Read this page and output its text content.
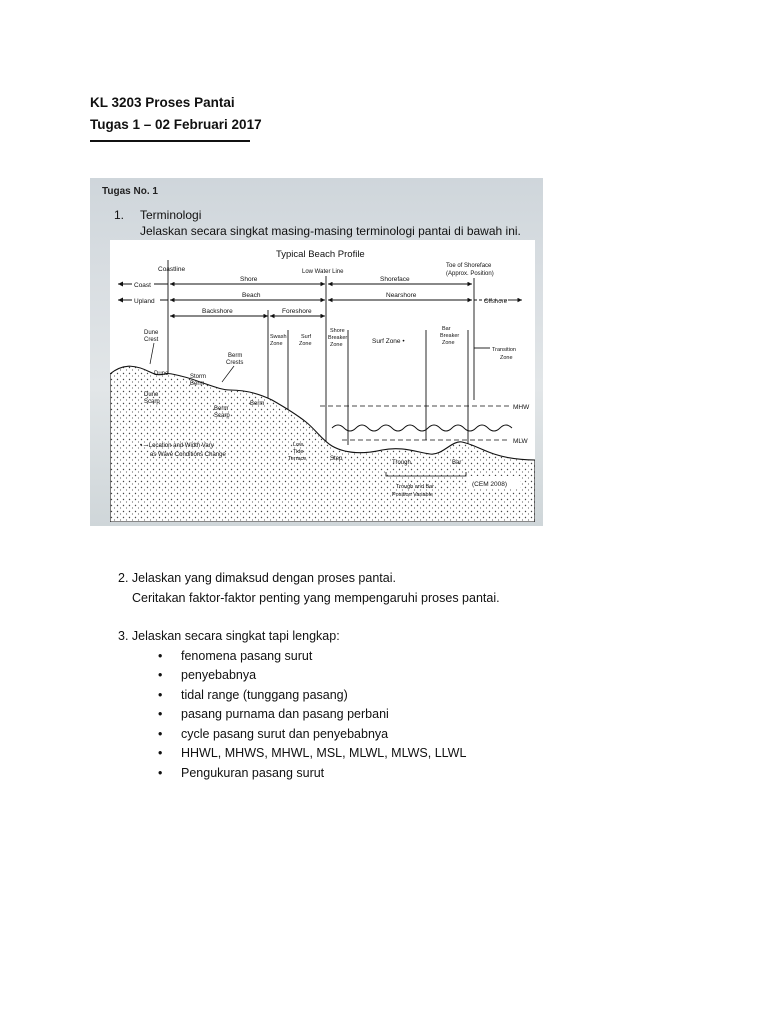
KL 3203 Proses Pantai
Tugas 1 – 02 Februari 2017
Tugas No. 1
1. Terminologi
Jelaskan secara singkat masing-masing terminologi pantai di bawah ini.
Typical Beach Profile
Coastline	Low Water Line
Toe of Shoreface
(Approx. Position)
Coast
Upland
Shore	Shoreface
Beach	Nearshore
Offshore
Backshore	Foreshore
Swash
Zone
Surf
Zone
Shore
Breaker
Zone	Surf Zone •
Bar
Breaker
Zone
Transition
Zone
MHW
MLW
Dune
Crest
Dune
Berm
Crests
Storm
Berm
Dune
Scarp	Berm
Berm
Scarp
• – Location and Width Vary
as Wave Conditions Change
Low
Tide
Terrace	Step
Trough	Bar
Trough and Bar
Position Variable
(CEM 2008)

2. Jelaskan yang dimaksud dengan proses pantai.

Ceritakan faktor-faktor penting yang mempengaruhi proses pantai.

3. Jelaskan secara singkat tapi lengkap:

• fenomena pasang surut
• penyebabnya
• tidal range (tunggang pasang)
• pasang purnama dan pasang perbani
• cycle pasang surut dan penyebabnya
• HHWL, MHWS, MHWL, MSL, MLWL, MLWS, LLWL
• Pengukuran pasang surut
